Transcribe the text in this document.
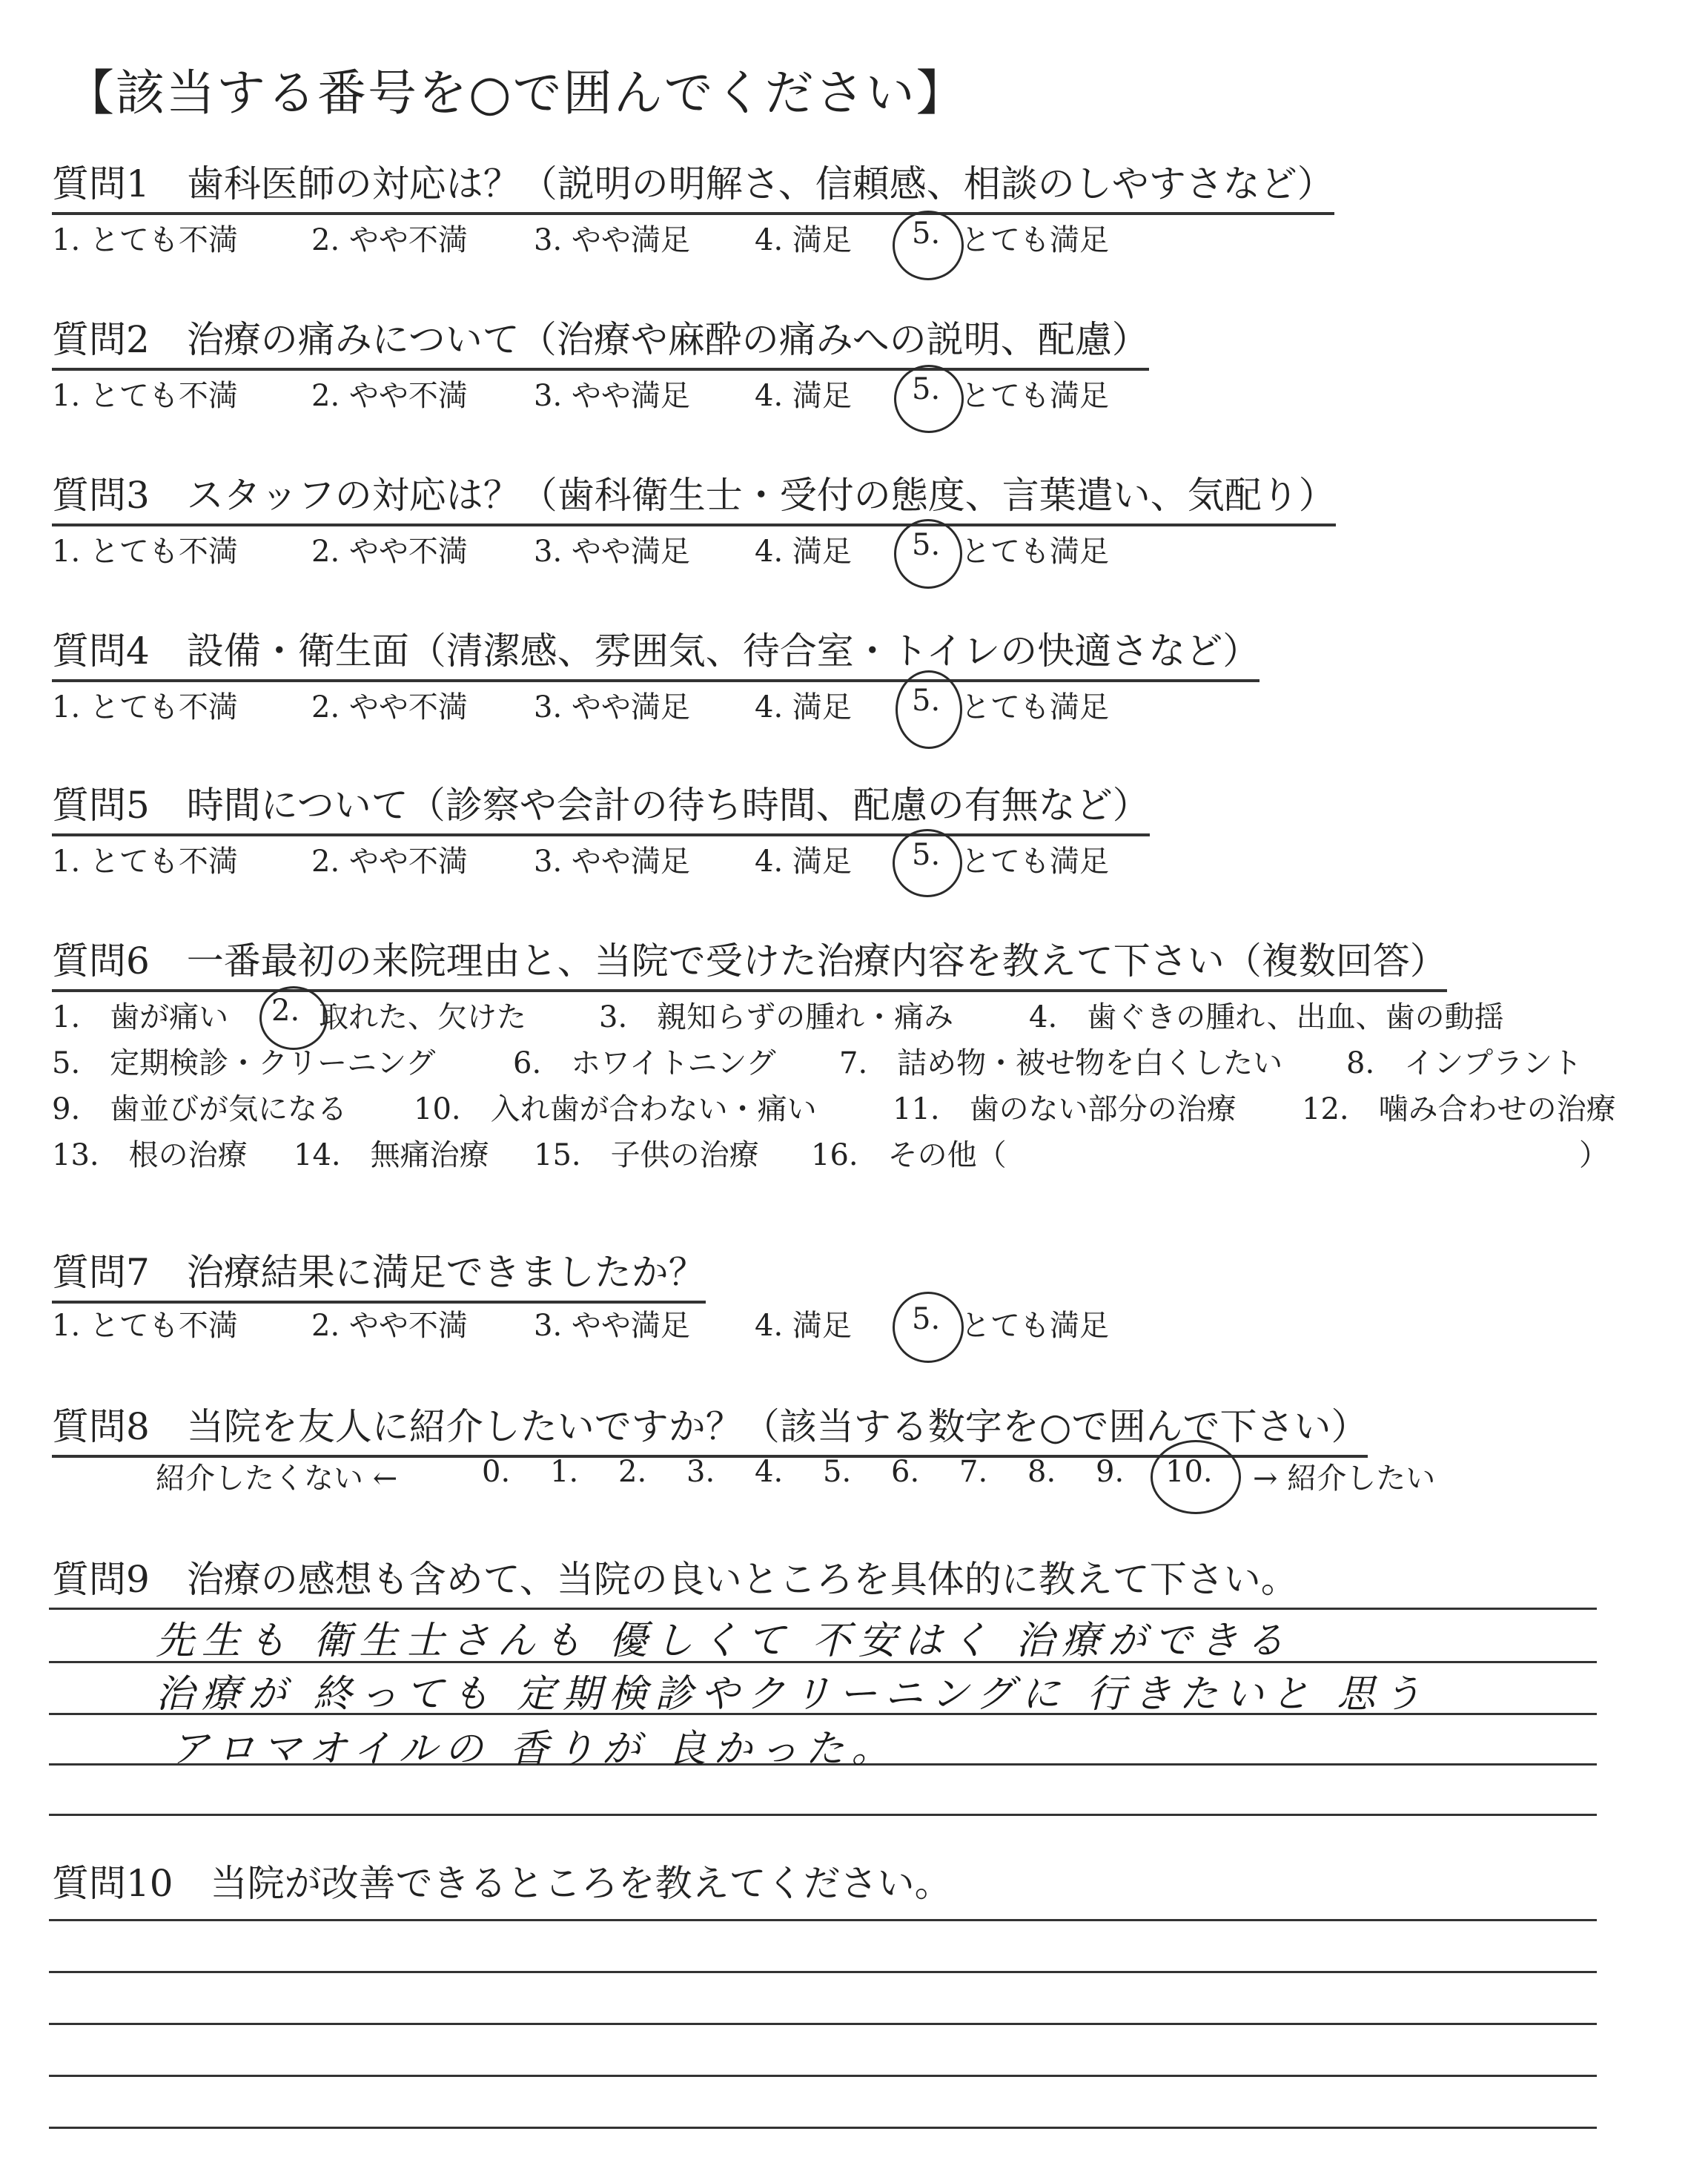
【該当する番号を○で囲んでください】
質問1　歯科医師の対応は？（説明の明解さ、信頼感、相談のしやすさなど）
1. とても不満 2. やや不満 3. やや満足 4. 満足 5. とても満足
質問2　治療の痛みについて（治療や麻酔の痛みへの説明、配慮）
1. とても不満 2. やや不満 3. やや満足 4. 満足 5. とても満足
質問3　スタッフの対応は？（歯科衛生士・受付の態度、言葉遣い、気配り）
1. とても不満 2. やや不満 3. やや満足 4. 満足 5. とても満足
質問4　設備・衛生面（清潔感、雰囲気、待合室・トイレの快適さなど）
1. とても不満 2. やや不満 3. やや満足 4. 満足 5. とても満足
質問5　時間について（診察や会計の待ち時間、配慮の有無など）
1. とても不満 2. やや不満 3. やや満足 4. 満足 5. とても満足
質問6　一番最初の来院理由と、当院で受けた治療内容を教えて下さい（複数回答）
1.　歯が痛い 2. 取れた、欠けた 3.　親知らずの腫れ・痛み	4.　歯ぐきの腫れ、出血、歯の動揺
5.　定期検診・クリーニング	6.　ホワイトニング 7.　詰め物・被せ物を白くしたい 8.　インプラント
9.　歯並びが気になる 10.　入れ歯が合わない・痛い	11.　歯のない部分の治療 12.　噛み合わせの治療
13.　根の治療 14.　無痛治療 15.　子供の治療 16.　その他（	）
質問7　治療結果に満足できましたか？
1. とても不満 2. やや不満 3. やや満足 4. 満足 5. とても満足
質問8　当院を友人に紹介したいですか？（該当する数字を○で囲んで下さい）
紹介したくない ←	0. 1. 2. 3. 4. 5. 6. 7. 8. 9. 10. → 紹介したい
質問9　治療の感想も含めて、当院の良いところを具体的に教えて下さい。
先生も 衛生士さんも 優しくて 不安はく 治療ができる
治療が 終っても 定期検診やクリーニングに 行きたいと 思う
アロマオイルの 香りが 良かった。
質問10　当院が改善できるところを教えてください。
